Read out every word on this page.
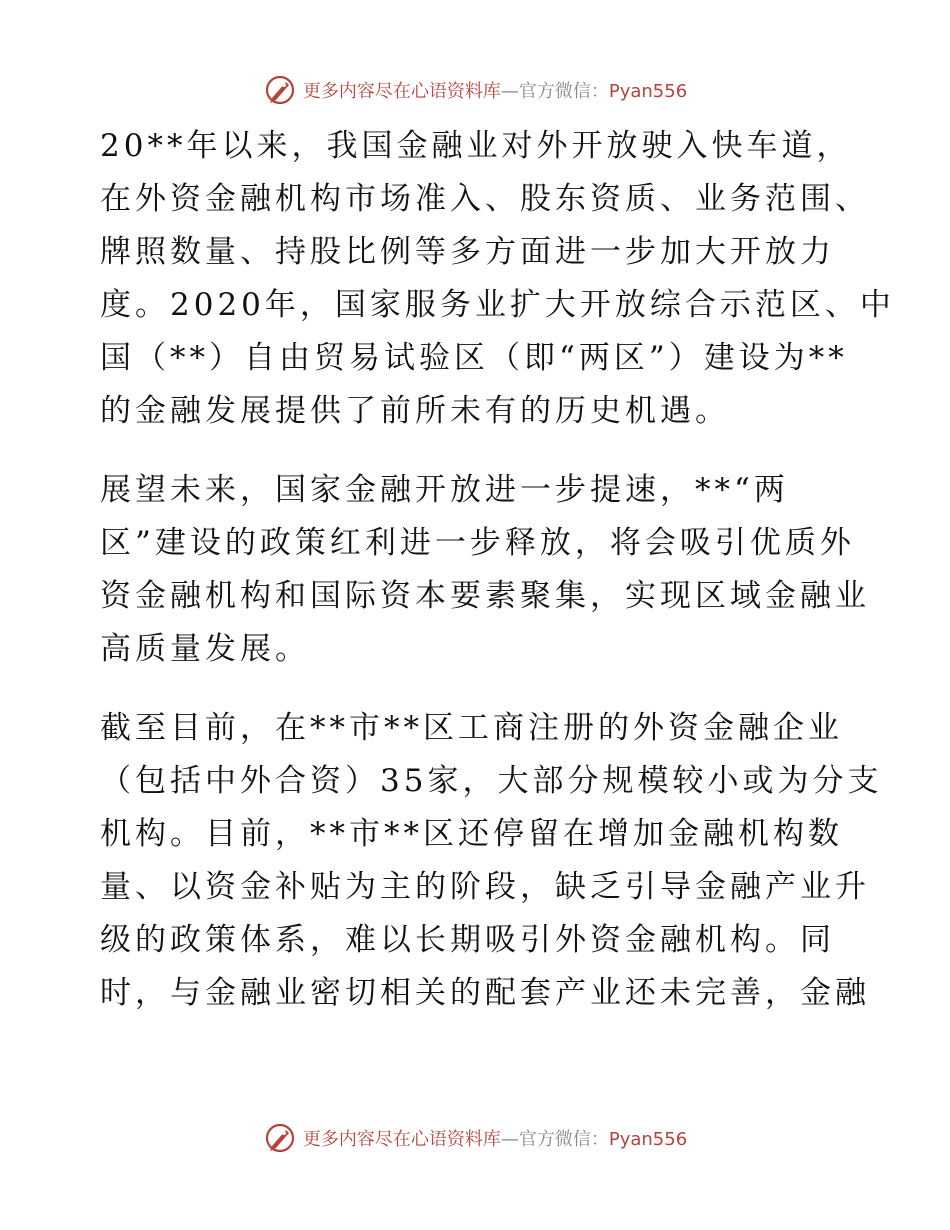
更多内容尽在心语资料库—官方微信：Pyan556
20**年以来，我国金融业对外开放驶入快车道，
在外资金融机构市场准入、股东资质、业务范围、
牌照数量、持股比例等多方面进一步加大开放力
度。2020年，国家服务业扩大开放综合示范区、中
国（**）自由贸易试验区（即“两区”）建设为**
的金融发展提供了前所未有的历史机遇。
展望未来，国家金融开放进一步提速，**“两
区”建设的政策红利进一步释放，将会吸引优质外
资金融机构和国际资本要素聚集，实现区域金融业
高质量发展。
截至目前，在**市**区工商注册的外资金融企业
（包括中外合资）35家，大部分规模较小或为分支
机构。目前，**市**区还停留在增加金融机构数
量、以资金补贴为主的阶段，缺乏引导金融产业升
级的政策体系，难以长期吸引外资金融机构。同
时，与金融业密切相关的配套产业还未完善，金融
更多内容尽在心语资料库—官方微信：Pyan556
